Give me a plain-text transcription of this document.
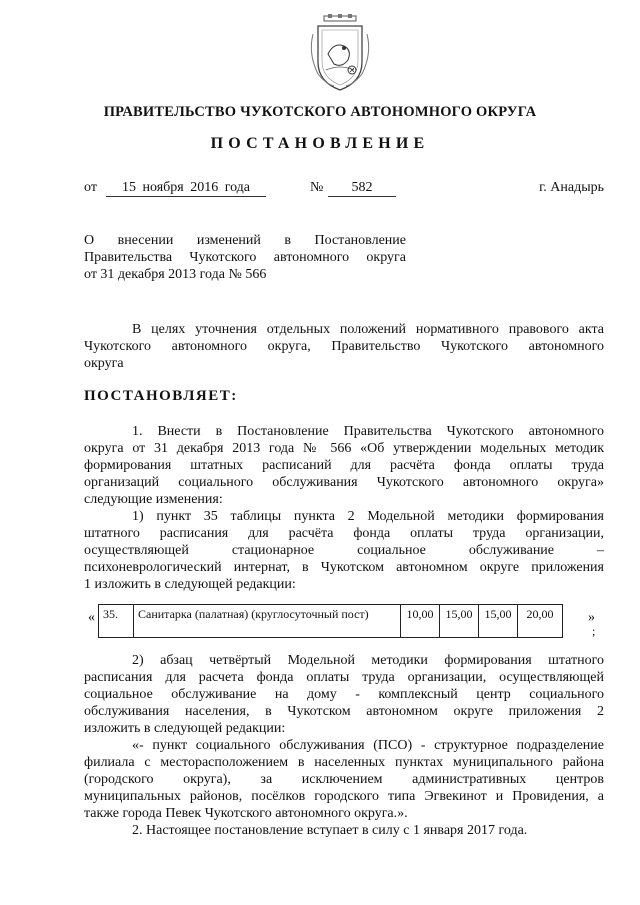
ПРАВИТЕЛЬСТВО ЧУКОТСКОГО АВТОНОМНОГО ОКРУГА
ПОСТАНОВЛЕНИЕ
от	15 ноября 2016 года	№	582	г. Анадырь
О внесении изменений в Постановление
Правительства Чукотского автономного округа
от 31 декабря 2013 года № 566
В целях уточнения отдельных положений нормативного правового акта
Чукотского автономного округа, Правительство Чукотского автономного
округа
ПОСТАНОВЛЯЕТ:
1. Внести в Постановление Правительства Чукотского автономного
округа от 31 декабря 2013 года № 566 «Об утверждении модельных методик
формирования штатных расписаний для расчёта фонда оплаты труда
организаций социального обслуживания Чукотского автономного округа»
следующие изменения:
1) пункт 35 таблицы пункта 2 Модельной методики формирования
штатного расписания для расчёта фонда оплаты труда организации,
осуществляющей стационарное социальное обслуживание –
психоневрологический интернат, в Чукотском автономном округе приложения
1 изложить в следующей редакции:
« 35.	Санитарка (палатная) (круглосуточный пост)	10,00	15,00	15,00	20,00 »
;
2) абзац четвёртый Модельной методики формирования штатного
расписания для расчета фонда оплаты труда организации, осуществляющей
социальное обслуживание на дому - комплексный центр социального
обслуживания населения, в Чукотском автономном округе приложения 2
изложить в следующей редакции:
«- пункт социального обслуживания (ПСО) - структурное подразделение
филиала с месторасположением в населенных пунктах муниципального района
(городского округа), за исключением административных центров
муниципальных районов, посёлков городского типа Эгвекинот и Провидения, а
также города Певек Чукотского автономного округа.».
2. Настоящее постановление вступает в силу с 1 января 2017 года.
